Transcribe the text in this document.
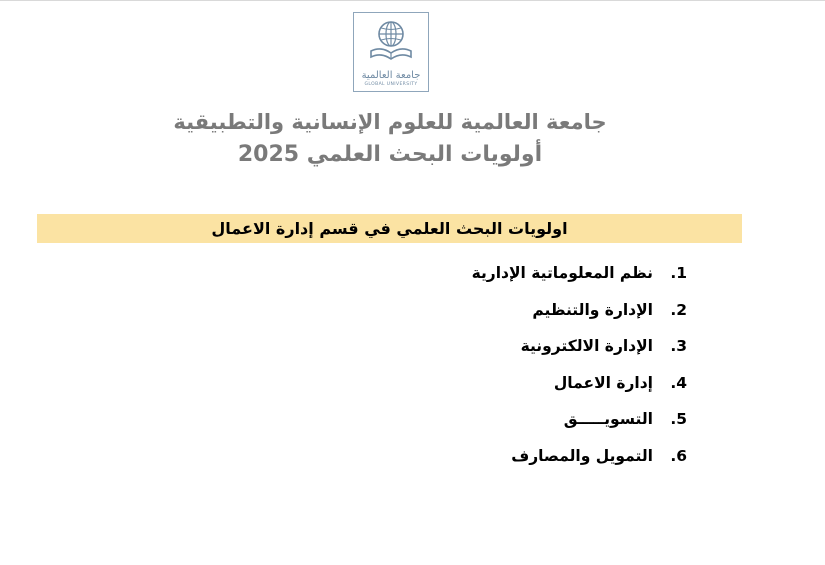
جامعة العالمية
GLOBAL UNIVERSITY
جامعة العالمية للعلوم الإنسانية والتطبيقية
أولويات البحث العلمي 2025
اولويات البحث العلمي في قسم إدارة الاعمال
1.
نظم المعلوماتية الإدارية
2.
الإدارة والتنظيم
3.
الإدارة الالكترونية
4.
إدارة الاعمال
5.
التسويـــــق
6.
التمويل والمصارف
